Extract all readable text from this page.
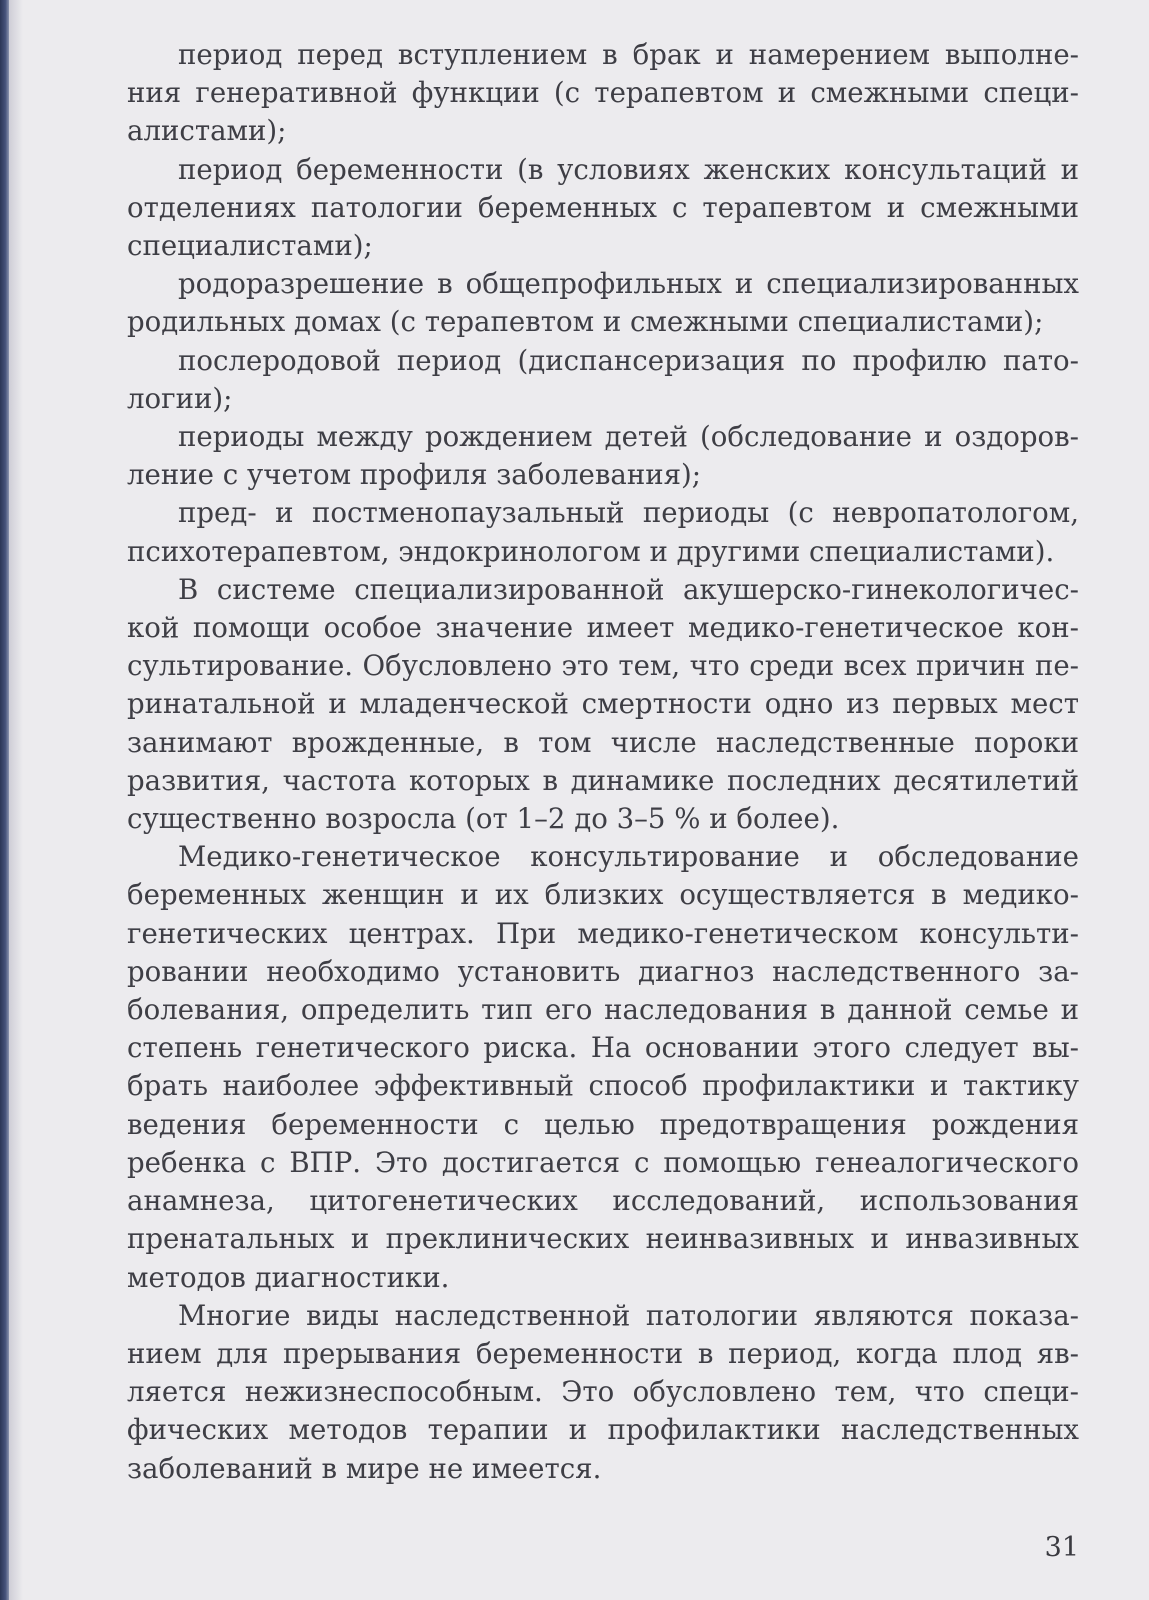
период перед вступлением в брак и намерением выполнения генеративной функции (с терапевтом и смежными специалистами);

период беременности (в условиях женских консультаций и отделениях патологии беременных с терапевтом и смежными специалистами);

родоразрешение в общепрофильных и специализированных родильных домах (с терапевтом и смежными специалистами);

послеродовой период (диспансеризация по профилю патологии);

периоды между рождением детей (обследование и оздоровление с учетом профиля заболевания);

пред- и постменопаузальный периоды (с невропатологом, психотерапевтом, эндокринологом и другими специалистами).

В системе специализированной акушерско-гинекологической помощи особое значение имеет медико-генетическое консультирование. Обусловлено это тем, что среди всех причин перинатальной и младенческой смертности одно из первых мест занимают врожденные, в том числе наследственные пороки развития, частота которых в динамике последних десятилетий существенно возросла (от 1–2 до 3–5 % и более).

Медико-генетическое консультирование и обследование беременных женщин и их близких осуществляется в медико-генетических центрах. При медико-генетическом консультировании необходимо установить диагноз наследственного заболевания, определить тип его наследования в данной семье и степень генетического риска. На основании этого следует выбрать наиболее эффективный способ профилактики и тактику ведения беременности с целью предотвращения рождения ребенка с ВПР. Это достигается с помощью генеалогического анамнеза, цитогенетических исследований, использования пренатальных и преклинических неинвазивных и инвазивных методов диагностики.

Многие виды наследственной патологии являются показанием для прерывания беременности в период, когда плод является нежизнеспособным. Это обусловлено тем, что специфических методов терапии и профилактики наследственных заболеваний в мире не имеется.

31
